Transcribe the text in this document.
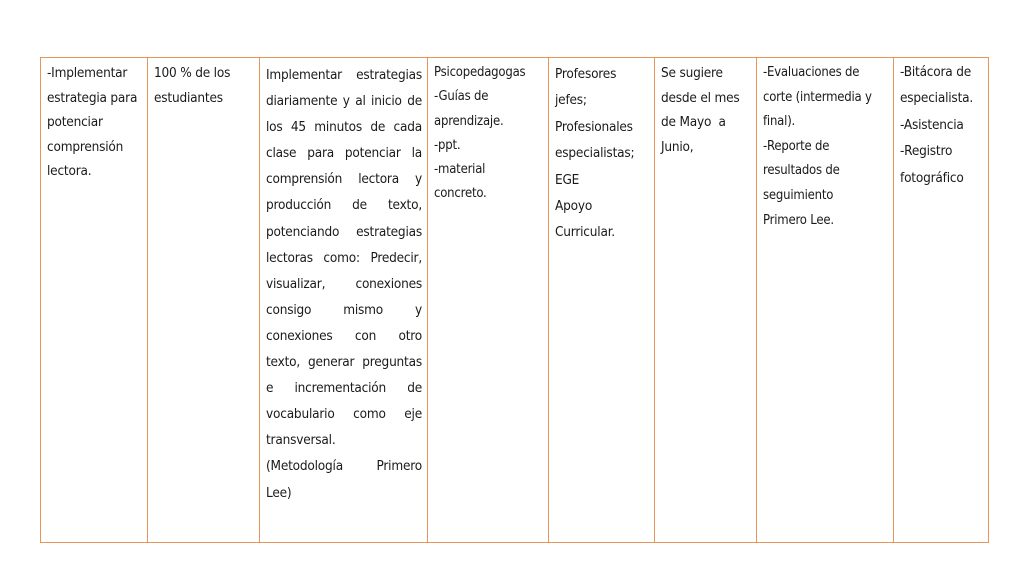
-Implementar
estrategia para
potenciar
comprensión
lectora.

100 % de los
estudiantes

Implementar estrategias
diariamente y al inicio de
los 45 minutos de cada
clase para potenciar la
comprensión lectora y
producción de texto,
potenciando estrategias
lectoras como: Predecir,
visualizar, conexiones
consigo mismo y
conexiones con otro
texto, generar preguntas
e incrementación de
vocabulario como eje
transversal.
(Metodología Primero
Lee)

Psicopedagogas
-Guías de
aprendizaje.
-ppt.
-material
concreto.

Profesores
jefes;
Profesionales
especialistas;
EGE
Apoyo
Curricular.

Se sugiere
desde el mes
de Mayo  a
Junio,

-Evaluaciones de
corte (intermedia y
final).
-Reporte de
resultados de
seguimiento
Primero Lee.

-Bitácora de
especialista.
-Asistencia
-Registro
fotográfico
